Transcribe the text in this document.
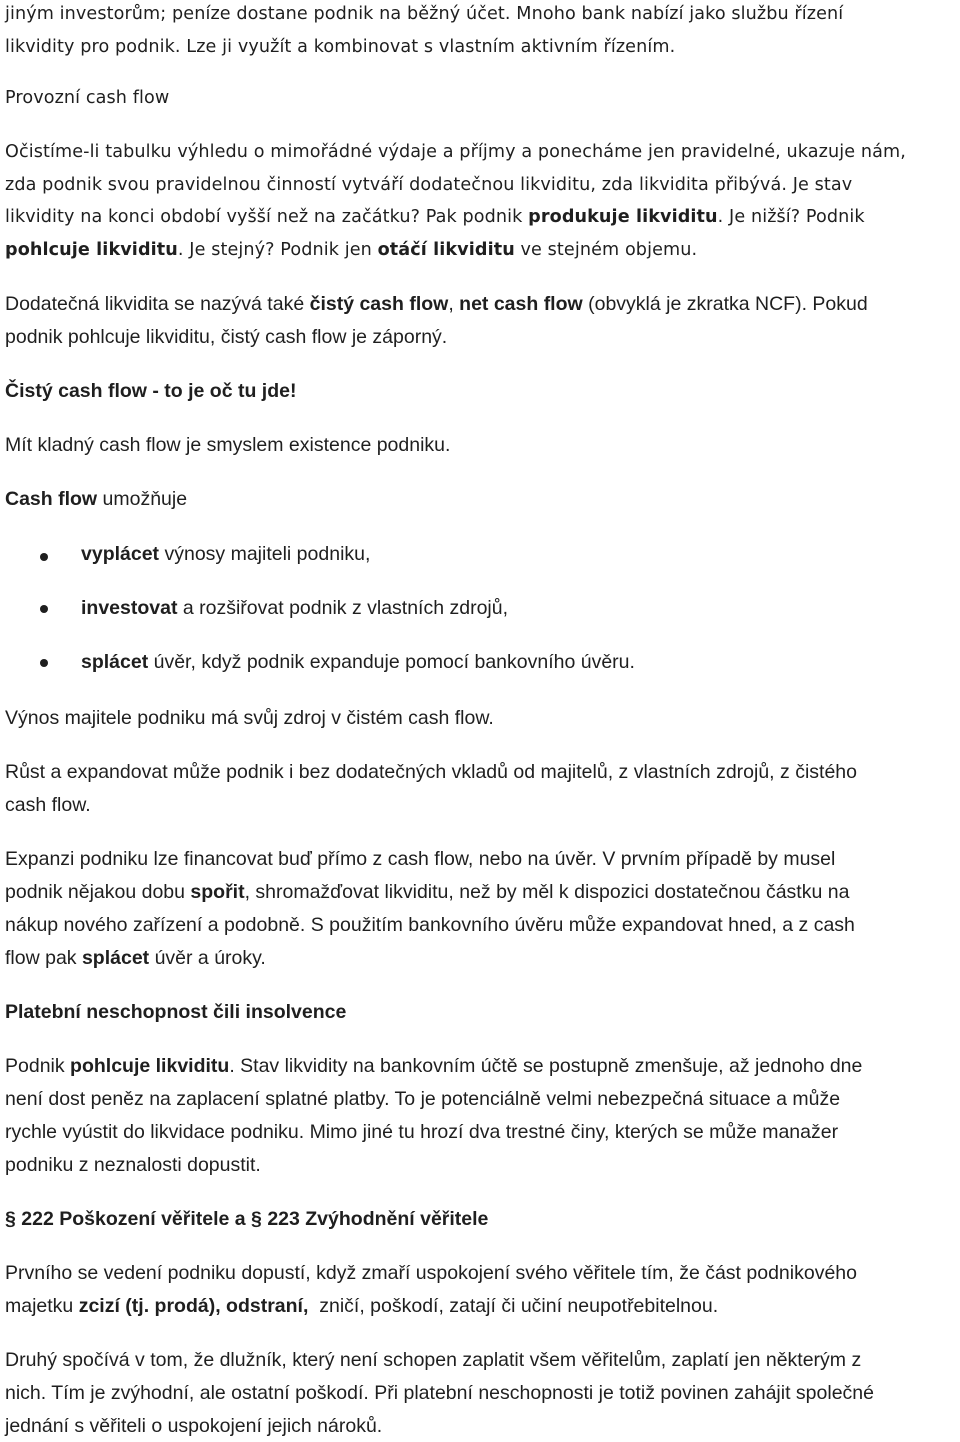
jiným investorům; peníze dostane podnik na běžný účet. Mnoho bank nabízí jako službu řízení

likvidity pro podnik. Lze ji využít a kombinovat s vlastním aktivním řízením.

Provozní cash flow

Očistíme-li tabulku výhledu o mimořádné výdaje a příjmy a ponecháme jen pravidelné, ukazuje nám,

zda podnik svou pravidelnou činností vytváří dodatečnou likviditu, zda likvidita přibývá. Je stav

likvidity na konci období vyšší než na začátku? Pak podnik produkuje likviditu. Je nižší? Podnik

pohlcuje likviditu. Je stejný? Podnik jen otáčí likviditu ve stejném objemu.

Dodatečná likvidita se nazývá také čistý cash flow, net cash flow (obvyklá je zkratka NCF). Pokud

podnik pohlcuje likviditu, čistý cash flow je záporný.

Čistý cash flow - to je oč tu jde!

Mít kladný cash flow je smyslem existence podniku.

Cash flow umožňuje

vyplácet výnosy majiteli podniku,

investovat a rozšiřovat podnik z vlastních zdrojů,

splácet úvěr, když podnik expanduje pomocí bankovního úvěru.

Výnos majitele podniku má svůj zdroj v čistém cash flow.

Růst a expandovat může podnik i bez dodatečných vkladů od majitelů, z vlastních zdrojů, z čistého

cash flow.

Expanzi podniku lze financovat buď přímo z cash flow, nebo na úvěr. V prvním případě by musel

podnik nějakou dobu spořit, shromažďovat likviditu, než by měl k dispozici dostatečnou částku na

nákup nového zařízení a podobně. S použitím bankovního úvěru může expandovat hned, a z cash

flow pak splácet úvěr a úroky.

Platební neschopnost čili insolvence

Podnik pohlcuje likviditu. Stav likvidity na bankovním účtě se postupně zmenšuje, až jednoho dne

není dost peněz na zaplacení splatné platby. To je potenciálně velmi nebezpečná situace a může

rychle vyústit do likvidace podniku. Mimo jiné tu hrozí dva trestné činy, kterých se může manažer

podniku z neznalosti dopustit.

§ 222 Poškození věřitele a § 223 Zvýhodnění věřitele

Prvního se vedení podniku dopustí, když zmaří uspokojení svého věřitele tím, že část podnikového

majetku zcizí (tj. prodá), odstraní,  zničí, poškodí, zatají či učiní neupotřebitelnou.

Druhý spočívá v tom, že dlužník, který není schopen zaplatit všem věřitelům, zaplatí jen některým z

nich. Tím je zvýhodní, ale ostatní poškodí. Při platební neschopnosti je totiž povinen zahájit společné

jednání s věřiteli o uspokojení jejich nároků.
